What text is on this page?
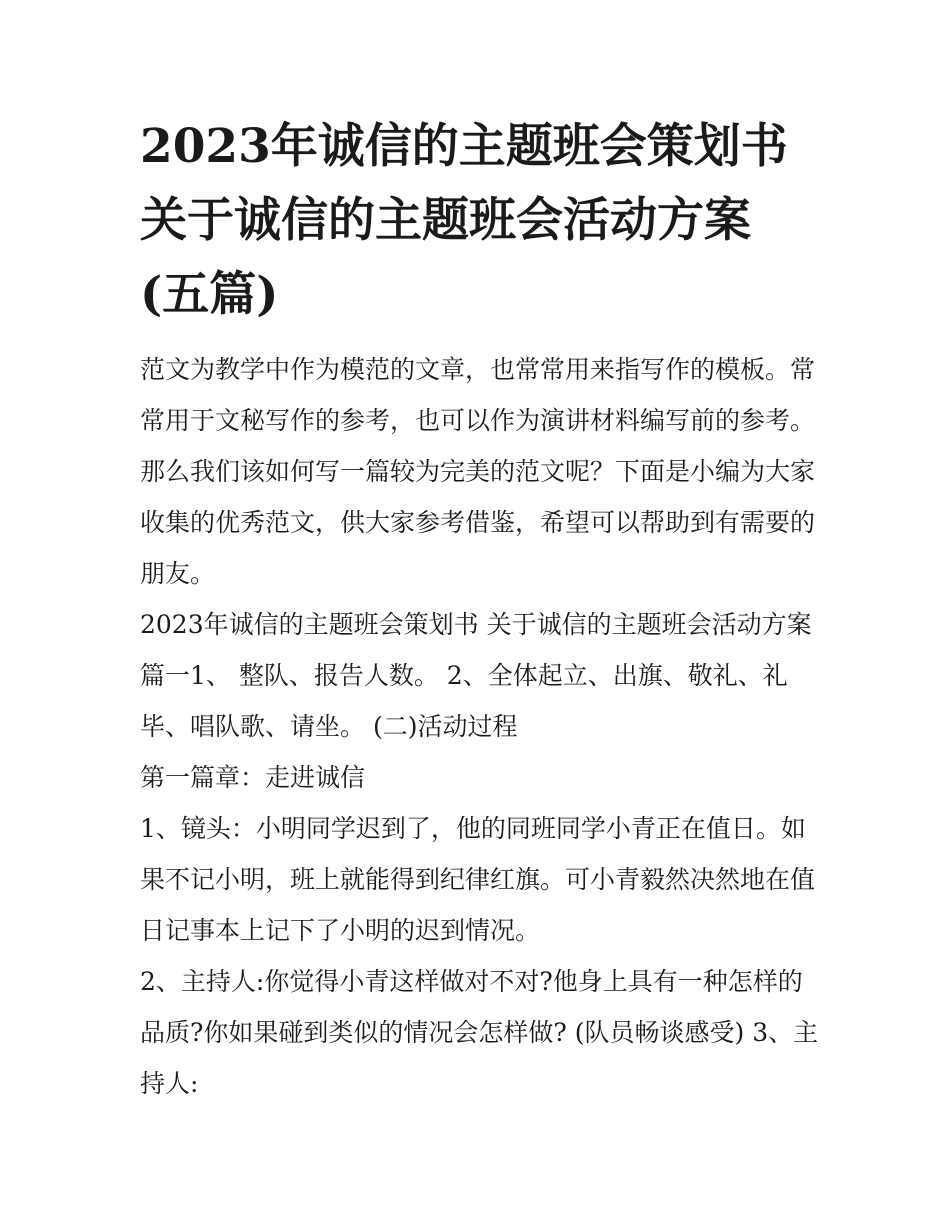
2023年诚信的主题班会策划书
关于诚信的主题班会活动方案
(五篇)

范文为教学中作为模范的文章，也常常用来指写作的模板。常
常用于文秘写作的参考，也可以作为演讲材料编写前的参考。
那么我们该如何写一篇较为完美的范文呢？下面是小编为大家
收集的优秀范文，供大家参考借鉴，希望可以帮助到有需要的
朋友。

2023年诚信的主题班会策划书 关于诚信的主题班会活动方案
篇一1、 整队、报告人数。 2、全体起立、出旗、敬礼、礼
毕、唱队歌、请坐。 (二)活动过程

第一篇章：走进诚信

1、镜头：小明同学迟到了，他的同班同学小青正在值日。如
果不记小明，班上就能得到纪律红旗。可小青毅然决然地在值
日记事本上记下了小明的迟到情况。

2、主持人:你觉得小青这样做对不对?他身上具有一种怎样的
品质?你如果碰到类似的情况会怎样做? (队员畅谈感受) 3、主
持人:
